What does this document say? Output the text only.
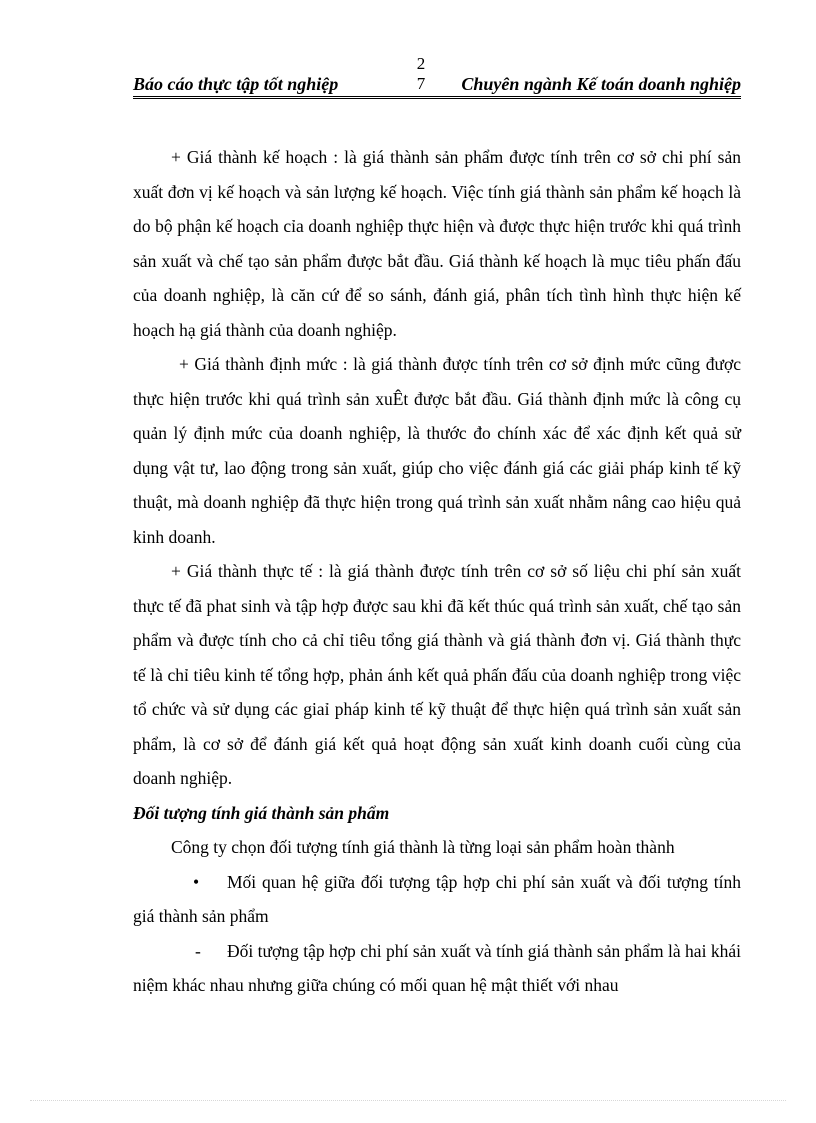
Báo cáo thực tập tốt nghiệp
2
7 Chuyên ngành Kế toán doanh nghiệp

+ Giá thành kế hoạch : là giá thành sản phẩm được tính trên cơ sở chi phí sản xuất đơn vị kế hoạch và sản lượng kế hoạch. Việc tính giá thành sản phẩm kế hoạch là do bộ phận kế hoạch cỉa doanh nghiệp thực hiện và được thực hiện trước khi quá trình sản xuất và chế tạo sản phẩm được bắt đầu. Giá thành kế hoạch là mục tiêu phấn đấu của doanh nghiệp, là căn cứ để so sánh, đánh giá, phân tích tình hình thực hiện kế hoạch hạ giá thành của doanh nghiệp.

+ Giá thành định mức : là giá thành được tính trên cơ sở định mức cũng được thực hiện trước khi quá trình sản xuÊt được bắt đầu. Giá thành định mức là công cụ quản lý định mức của doanh nghiệp, là thước đo chính xác để xác định kết quả sử dụng vật tư, lao động trong sản xuất, giúp cho việc đánh giá các giải pháp kinh tế kỹ thuật, mà doanh nghiệp đã thực hiện trong quá trình sản xuất nhằm nâng cao hiệu quả kinh doanh.

+ Giá thành thực tế : là giá thành được tính trên cơ sở số liệu chi phí sản xuất thực tế đã phat sinh và tập hợp được sau khi đã kết thúc quá trình sản xuất, chế tạo sản phẩm và được tính cho cả chỉ tiêu tổng giá thành và giá thành đơn vị. Giá thành thực tế là chỉ tiêu kinh tế tổng hợp, phản ánh kết quả phấn đấu của doanh nghiệp trong việc tổ chức và sử dụng các giaỉ pháp kinh tế kỹ thuật để thực hiện quá trình sản xuất sản phẩm, là cơ sở để đánh giá kết quả hoạt động sản xuất kinh doanh cuối cùng của doanh nghiệp.

Đối tượng tính giá thành sản phẩm

Công ty chọn đối tượng tính giá thành là từng loại sản phẩm hoàn thành

•	Mối quan hệ giữa đối tượng tập hợp chi phí sản xuất và đối tượng tính giá thành sản phẩm

-	Đối tượng tập hợp chi phí sản xuất và tính giá thành sản phẩm là hai khái niệm khác nhau nhưng giữa chúng có mối quan hệ mật thiết với nhau
